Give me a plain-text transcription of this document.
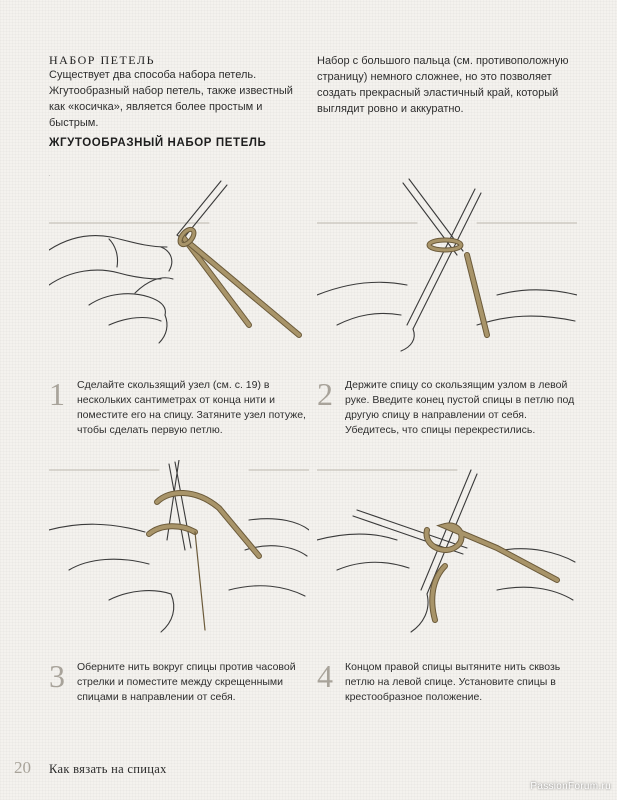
НАБОР ПЕТЕЛЬ
Существует два способа набора петель. Жгутообразный набор петель, также известный как «косичка», является более простым и быстрым.
Набор с большого пальца (см. противоположную страницу) немного сложнее, но это позволяет создать прекрасный эластичный край, который выглядит ровно и аккуратно.
ЖГУТООБРАЗНЫЙ НАБОР ПЕТЕЛЬ
1 Сделайте скользящий узел (см. с. 19) в нескольких сантиметрах от конца нити и поместите его на спицу. Затяните узел потуже, чтобы сделать первую петлю.
2 Держите спицу со скользящим узлом в левой руке. Введите конец пустой спицы в петлю под другую спицу в направлении от себя. Убедитесь, что спицы перекрестились.
3 Оберните нить вокруг спицы против часовой стрелки и поместите между скрещенными спицами в направлении от себя.
4 Концом правой спицы вытяните нить сквозь петлю на левой спице. Установите спицы в крестообразное положение.
20 Как вязать на спицах
PassionForum.ru
